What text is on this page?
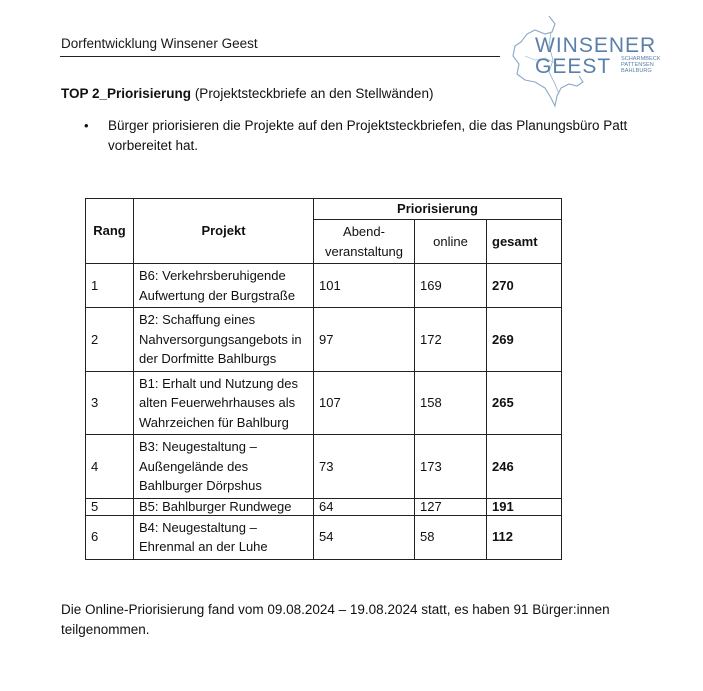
Dorfentwicklung Winsener Geest	WINSENER
GEEST SCHARMBECK
PATTENSEN
BAHLBURG
TOP 2_Priorisierung (Projektsteckbriefe an den Stellwänden)
•	Bürger priorisieren die Projekte auf den Projektsteckbriefen, die das Planungsbüro Patt vorbereitet hat.
Rang	Projekt	Priorisierung		
		Abend-veranstaltung	online	gesamt
1	B6: Verkehrsberuhigende Aufwertung der Burgstraße	101	169	270
2	B2: Schaffung eines Nahversorgungsangebots in der Dorfmitte Bahlburgs	97	172	269
3	B1: Erhalt und Nutzung des alten Feuerwehrhauses als Wahrzeichen für Bahlburg	107	158	265
4	B3: Neugestaltung – Außengelände des Bahlburger Dörpshus	73	173	246
5	B5: Bahlburger Rundwege	64	127	191
6	B4: Neugestaltung – Ehrenmal an der Luhe	54	58	112
Die Online-Priorisierung fand vom 09.08.2024 – 19.08.2024 statt, es haben 91 Bürger:innen teilgenommen.
